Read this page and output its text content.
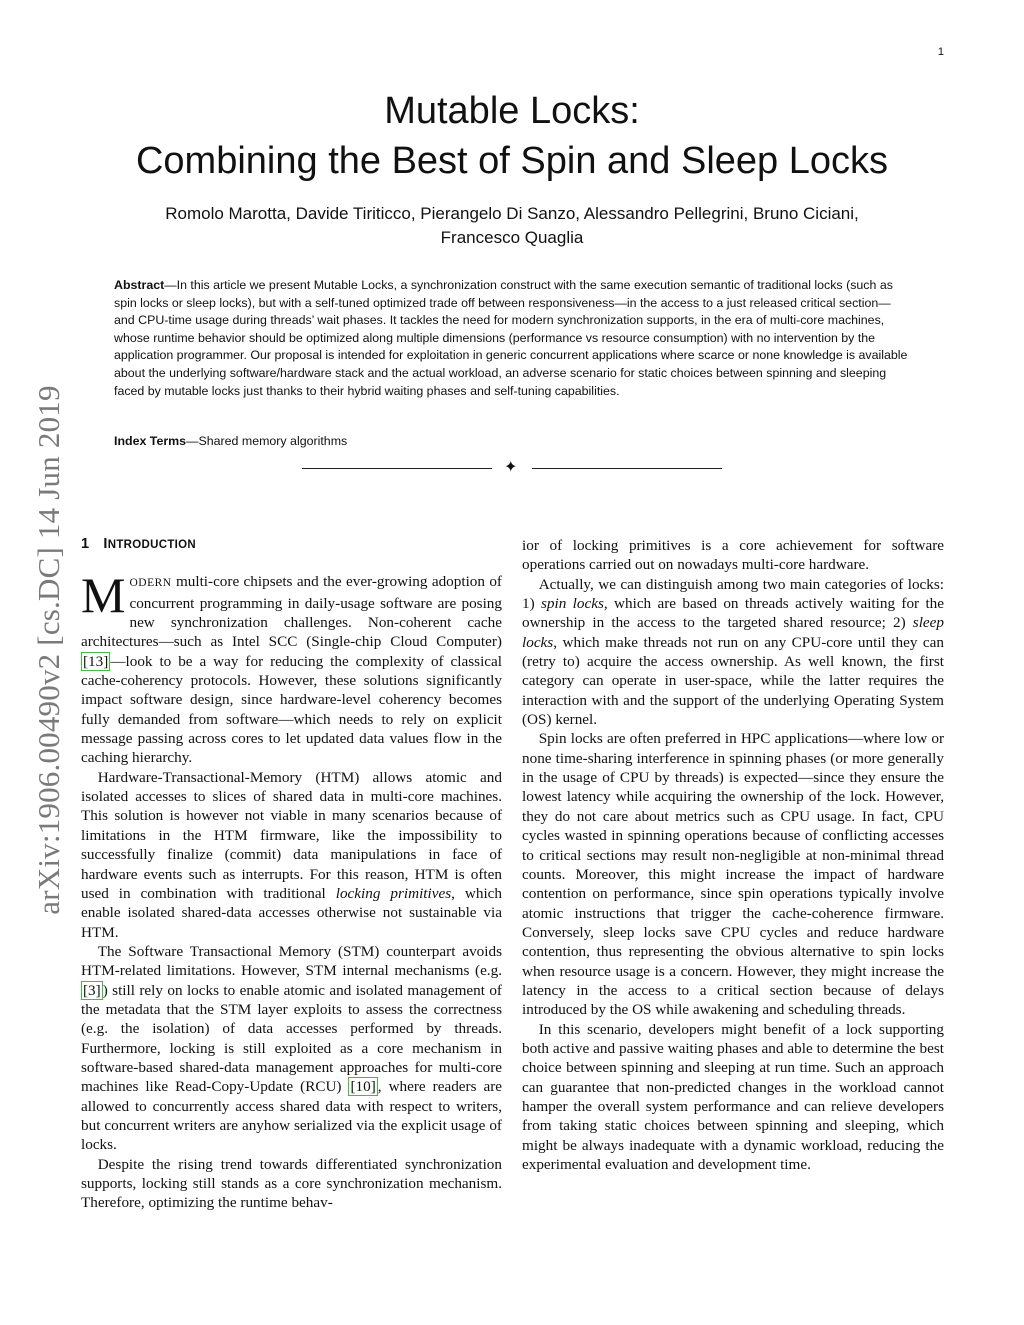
1
arXiv:1906.00490v2 [cs.DC] 14 Jun 2019
Mutable Locks:
Combining the Best of Spin and Sleep Locks
Romolo Marotta, Davide Tiriticco, Pierangelo Di Sanzo, Alessandro Pellegrini, Bruno Ciciani,
Francesco Quaglia

Abstract—In this article we present Mutable Locks, a synchronization construct with the same execution semantic of traditional locks (such as spin locks or sleep locks), but with a self-tuned optimized trade off between responsiveness—in the access to a just released critical section—and CPU-time usage during threads’ wait phases. It tackles the need for modern synchronization supports, in the era of multi-core machines, whose runtime behavior should be optimized along multiple dimensions (performance vs resource consumption) with no intervention by the application programmer. Our proposal is intended for exploitation in generic concurrent applications where scarce or none knowledge is available about the underlying software/hardware stack and the actual workload, an adverse scenario for static choices between spinning and sleeping faced by mutable locks just thanks to their hybrid waiting phases and self-tuning capabilities.

Index Terms—Shared memory algorithms
✦
1 INTRODUCTION

MODERN multi-core chipsets and the ever-growing adoption of concurrent programming in daily-usage software are posing new synchronization challenges. Non-coherent cache architectures—such as Intel SCC (Single-chip Cloud Computer) [13] —look to be a way for reducing the complexity of classical cache-coherency protocols. However, these solutions significantly impact software design, since hardware-level coherency becomes fully demanded from software—which needs to rely on explicit message passing across cores to let updated data values flow in the caching hierarchy.

Hardware-Transactional-Memory (HTM) allows atomic and isolated accesses to slices of shared data in multi-core machines. This solution is however not viable in many scenarios because of limitations in the HTM firmware, like the impossibility to successfully finalize (commit) data manipulations in face of hardware events such as interrupts. For this reason, HTM is often used in combination with traditional locking primitives, which enable isolated shared-data accesses otherwise not sustainable via HTM.

The Software Transactional Memory (STM) counterpart avoids HTM-related limitations. However, STM internal mechanisms (e.g. [3] ) still rely on locks to enable atomic and isolated management of the metadata that the STM layer exploits to assess the correctness (e.g. the isolation) of data accesses performed by threads. Furthermore, locking is still exploited as a core mechanism in software-based shared-data management approaches for multi-core machines like Read-Copy-Update (RCU) [10] , where readers are allowed to concurrently access shared data with respect to writers, but concurrent writers are anyhow serialized via the explicit usage of locks.

Despite the rising trend towards differentiated synchronization supports, locking still stands as a core synchronization mechanism. Therefore, optimizing the runtime behav-

ior of locking primitives is a core achievement for software operations carried out on nowadays multi-core hardware.

Actually, we can distinguish among two main categories of locks: 1) spin locks, which are based on threads actively waiting for the ownership in the access to the targeted shared resource; 2) sleep locks, which make threads not run on any CPU-core until they can (retry to) acquire the access ownership. As well known, the first category can operate in user-space, while the latter requires the interaction with and the support of the underlying Operating System (OS) kernel.

Spin locks are often preferred in HPC applications—where low or none time-sharing interference in spinning phases (or more generally in the usage of CPU by threads) is expected—since they ensure the lowest latency while acquiring the ownership of the lock. However, they do not care about metrics such as CPU usage. In fact, CPU cycles wasted in spinning operations because of conflicting accesses to critical sections may result non-negligible at non-minimal thread counts. Moreover, this might increase the impact of hardware contention on performance, since spin operations typically involve atomic instructions that trigger the cache-coherence firmware. Conversely, sleep locks save CPU cycles and reduce hardware contention, thus representing the obvious alternative to spin locks when resource usage is a concern. However, they might increase the latency in the access to a critical section because of delays introduced by the OS while awakening and scheduling threads.

In this scenario, developers might benefit of a lock supporting both active and passive waiting phases and able to determine the best choice between spinning and sleeping at run time. Such an approach can guarantee that non-predicted changes in the workload cannot hamper the overall system performance and can relieve developers from taking static choices between spinning and sleeping, which might be always inadequate with a dynamic workload, reducing the experimental evaluation and development time.
